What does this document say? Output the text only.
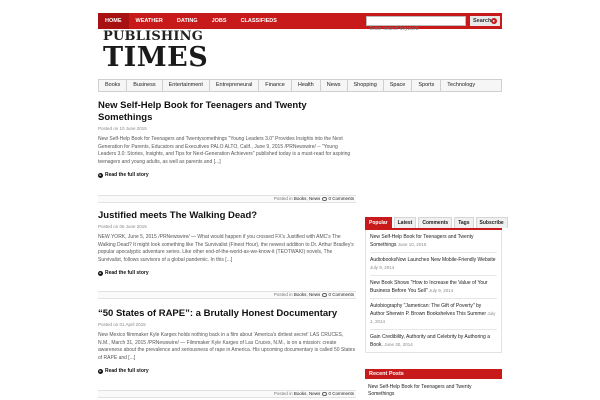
HOME	WEATHER	DATING	JOBS	CLASSIFIEDS
Enter search keyword	Search ▸
PUBLISHING
TIMES
Books	Business	Entertainment	Entrepreneural	Finance	Health	News	Shopping	Space	Sports	Technology
New Self-Help Book for Teenagers and Twenty Somethings
Posted on 10 June 2015
New Self-Help Book for Teenagers and Twentysomethings "Young Leaders 3.0" Provides Insights into the Next Generation for Parents, Educators and Executives PALO ALTO, Calif., June 9, 2015 /PRNewswire/ -- "Young Leaders 3.0: Stories, Insights, and Tips for Next-Generation Achievers" published today is a must-read for aspiring teenagers and young adults, as well as parents and [...]
▸ Read the full story
Posted in Books, News 0 Comments
Justified meets The Walking Dead?
Posted on 06 June 2015
NEW YORK, June 5, 2015 /PRNewswire/ — What would happen if you crossed FX's Justified with AMC's The Walking Dead? It might look something like The Survivalist (Finest Hour), the newest addition to Dr. Arthur Bradley's popular apocalyptic adventure series. Like other end-of-the-world-as-we-know-it (TEOTWAKI) novels, The Survivalist, follows survivors of a global pandemic. In this [...]
▸ Read the full story
Posted in Books, News 0 Comments
“50 States of RAPE”: a Brutally Honest Documentary
Posted on 01 April 2015
New Mexico filmmaker Kyle Karges holds nothing back in a film about 'America's dirtiest secret' LAS CRUCES, N.M., March 31, 2015 /PRNewswire/ — Filmmaker Kyle Karges of Las Cruces, N.M., is on a mission: create awareness about the prevalence and seriousness of rape in America. His upcoming documentary is called 50 States of RAPE and [...]
▸ Read the full story
Posted in Books, News 0 Comments
Popular	Latest	Comments	Tags	Subscribe
New Self-Help Book for Teenagers and Twenty Somethings June 10, 2015
AudiobooksNow Launches New Mobile-Friendly Website July 9, 2014
New Book Shows "How to Increase the Value of Your Business Before You Sell" July 9, 2014
Autobiography "Jamerican: The Gift of Poverty" by Author Sherwin P. Brown Bookshelves This Summer July 1, 2014
Gain Credibility, Authority and Celebrity by Authoring a Book. June 30, 2014
Recent Posts
New Self-Help Book for Teenagers and Twenty Somethings
